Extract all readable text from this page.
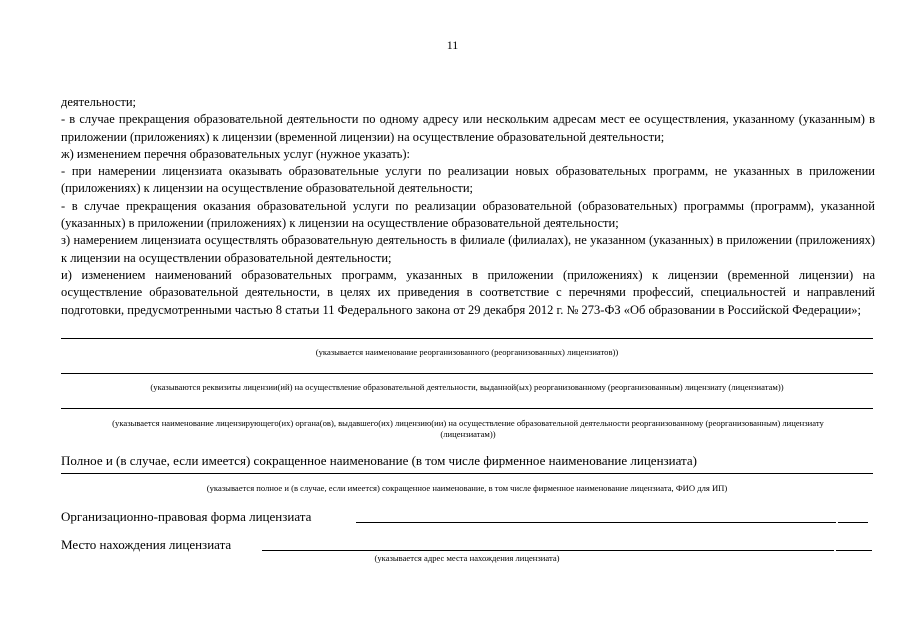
11

деятельности;

- в случае прекращения образовательной деятельности по одному адресу или нескольким адресам мест ее осуществления, указанному (указанным) в приложении (приложениях) к лицензии (временной лицензии) на осуществление образовательной деятельности;

ж) изменением перечня образовательных услуг (нужное указать):

- при намерении лицензиата оказывать образовательные услуги по реализации новых образовательных программ, не указанных в приложении (приложениях) к лицензии на осуществление образовательной деятельности;

- в случае прекращения оказания образовательной услуги по реализации образовательной (образовательных) программы (программ), указанной (указанных) в приложении (приложениях) к лицензии на осуществление образовательной деятельности;

з) намерением лицензиата осуществлять образовательную деятельность в филиале (филиалах), не указанном (указанных) в приложении (приложениях) к лицензии на осуществлении образовательной деятельности;

и) изменением наименований образовательных программ, указанных в приложении (приложениях) к лицензии (временной лицензии) на осуществление образовательной деятельности, в целях их приведения в соответствие с перечнями профессий, специальностей и направлений подготовки, предусмотренными частью 8 статьи 11 Федерального закона от 29 декабря 2012 г. № 273-ФЗ «Об образовании в Российской Федерации»;

(указывается наименование реорганизованного (реорганизованных) лицензиатов))
(указываются реквизиты лицензии(ий) на осуществление образовательной деятельности, выданной(ых) реорганизованному (реорганизованным) лицензиату (лицензиатам))
(указывается наименование лицензирующего(их) органа(ов), выдавшего(их) лицензию(ии) на осуществление образовательной деятельности реорганизованному (реорганизованным) лицензиату (лицензиатам))
Полное и (в случае, если имеется) сокращенное наименование (в том числе фирменное наименование лицензиата)
(указывается полное и (в случае, если имеется) сокращенное наименование, в том числе фирменное наименование лицензиата, ФИО для ИП)
Организационно-правовая форма лицензиата
Место нахождения лицензиата
(указывается адрес места нахождения лицензиата)
